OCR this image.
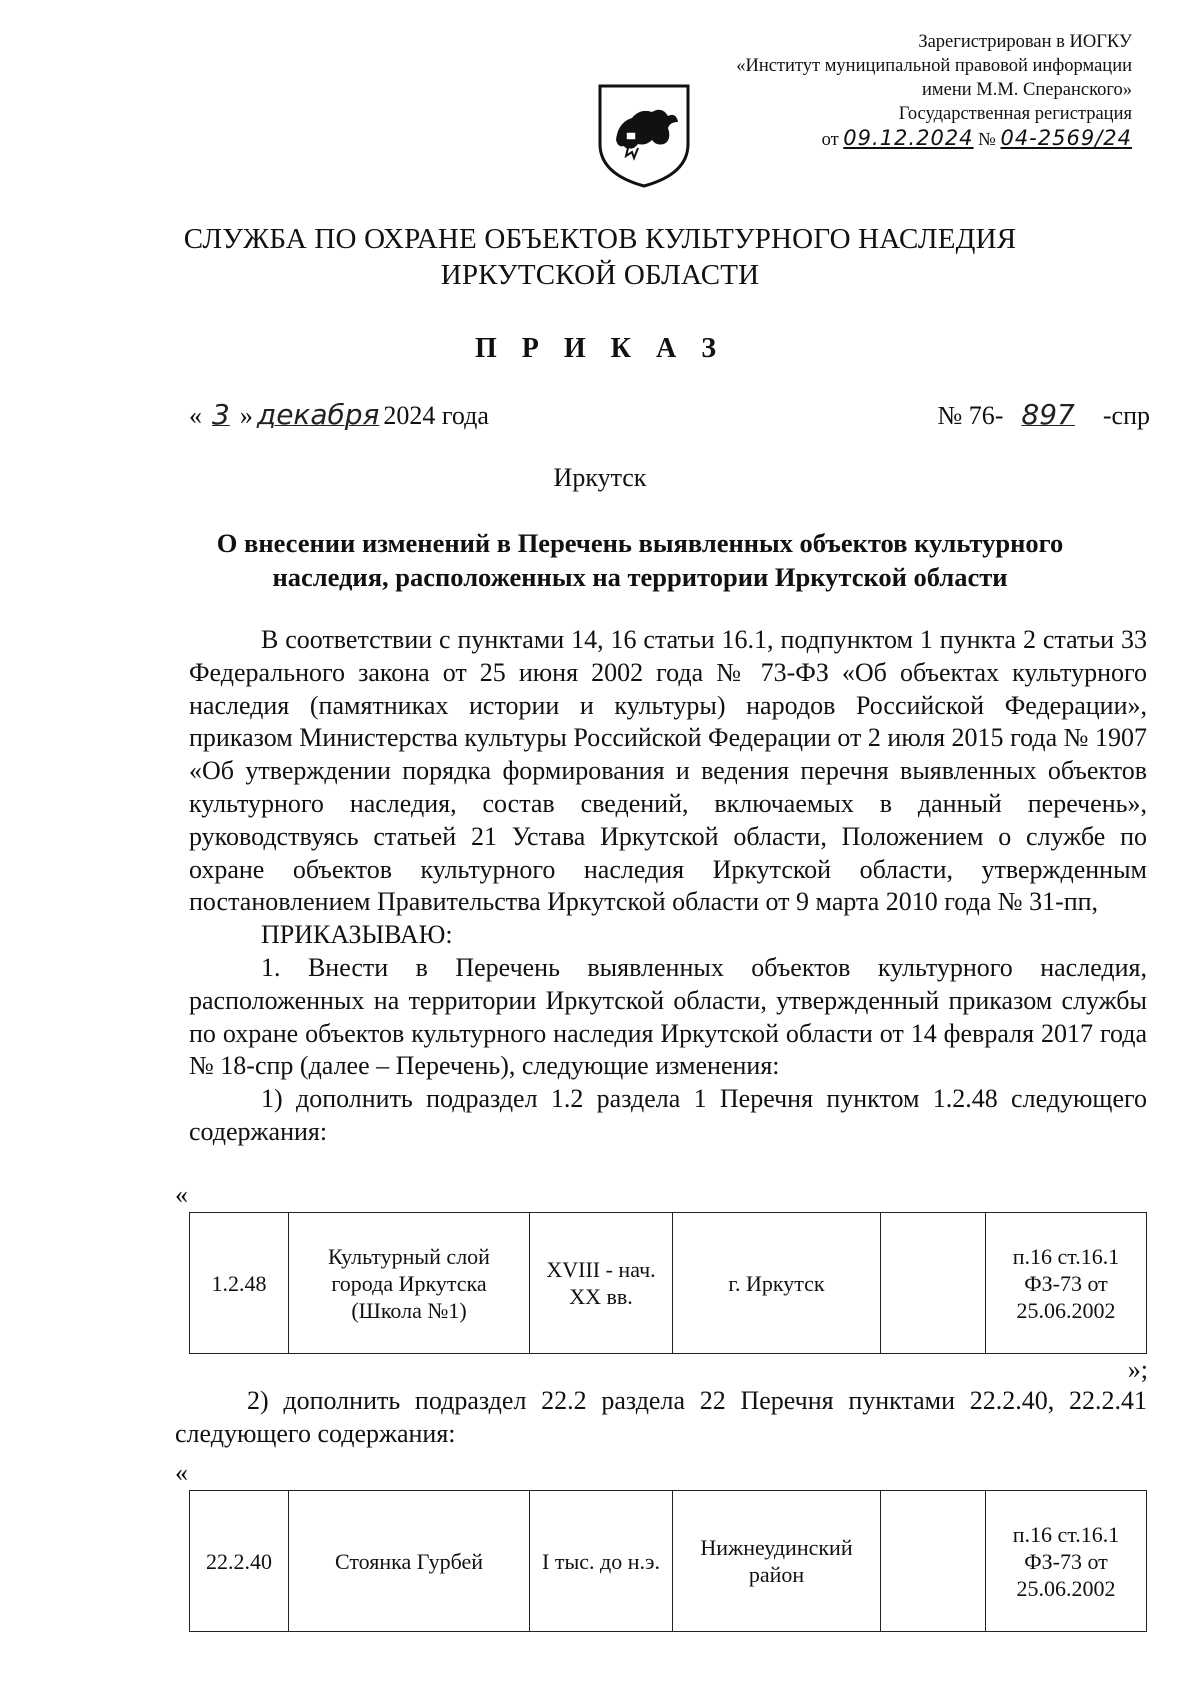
Зарегистрирован в ИОГКУ
«Институт муниципальной правовой информации
имени М.М. Сперанского»
Государственная регистрация
от 09.12.2024 № 04-2569/24
СЛУЖБА ПО ОХРАНЕ ОБЪЕКТОВ КУЛЬТУРНОГО НАСЛЕДИЯ
ИРКУТСКОЙ ОБЛАСТИ
П Р И К А З
« 3 » декабря 2024 года	№ 76- 897 -спр
Иркутск
О внесении изменений в Перечень выявленных объектов культурного
наследия, расположенных на территории Иркутской области

В соответствии с пунктами 14, 16 статьи 16.1, подпунктом 1 пункта 2 статьи 33 Федерального закона от 25 июня 2002 года № 73-ФЗ «Об объектах культурного наследия (памятниках истории и культуры) народов Российской Федерации», приказом Министерства культуры Российской Федерации от 2 июля 2015 года № 1907 «Об утверждении порядка формирования и ведения перечня выявленных объектов культурного наследия, состав сведений, включаемых в данный перечень», руководствуясь статьей 21 Устава Иркутской области, Положением о службе по охране объектов культурного наследия Иркутской области, утвержденным постановлением Правительства Иркутской области от 9 марта 2010 года № 31-пп,

ПРИКАЗЫВАЮ:

1. Внести в Перечень выявленных объектов культурного наследия, расположенных на территории Иркутской области, утвержденный приказом службы по охране объектов культурного наследия Иркутской области от 14 февраля 2017 года № 18-спр (далее – Перечень), следующие изменения:

1) дополнить подраздел 1.2 раздела 1 Перечня пунктом 1.2.48 следующего содержания:

«
1.2.48	Культурный слой города Иркутска (Школа №1)	XVIII - нач. XX вв.	г. Иркутск		п.16 ст.16.1 ФЗ-73 от 25.06.2002
»;

2) дополнить подраздел 22.2 раздела 22 Перечня пунктами 22.2.40, 22.2.41 следующего содержания:

«
22.2.40	Стоянка Гурбей	I тыс. до н.э.	Нижнеудинский район		п.16 ст.16.1 ФЗ-73 от 25.06.2002
